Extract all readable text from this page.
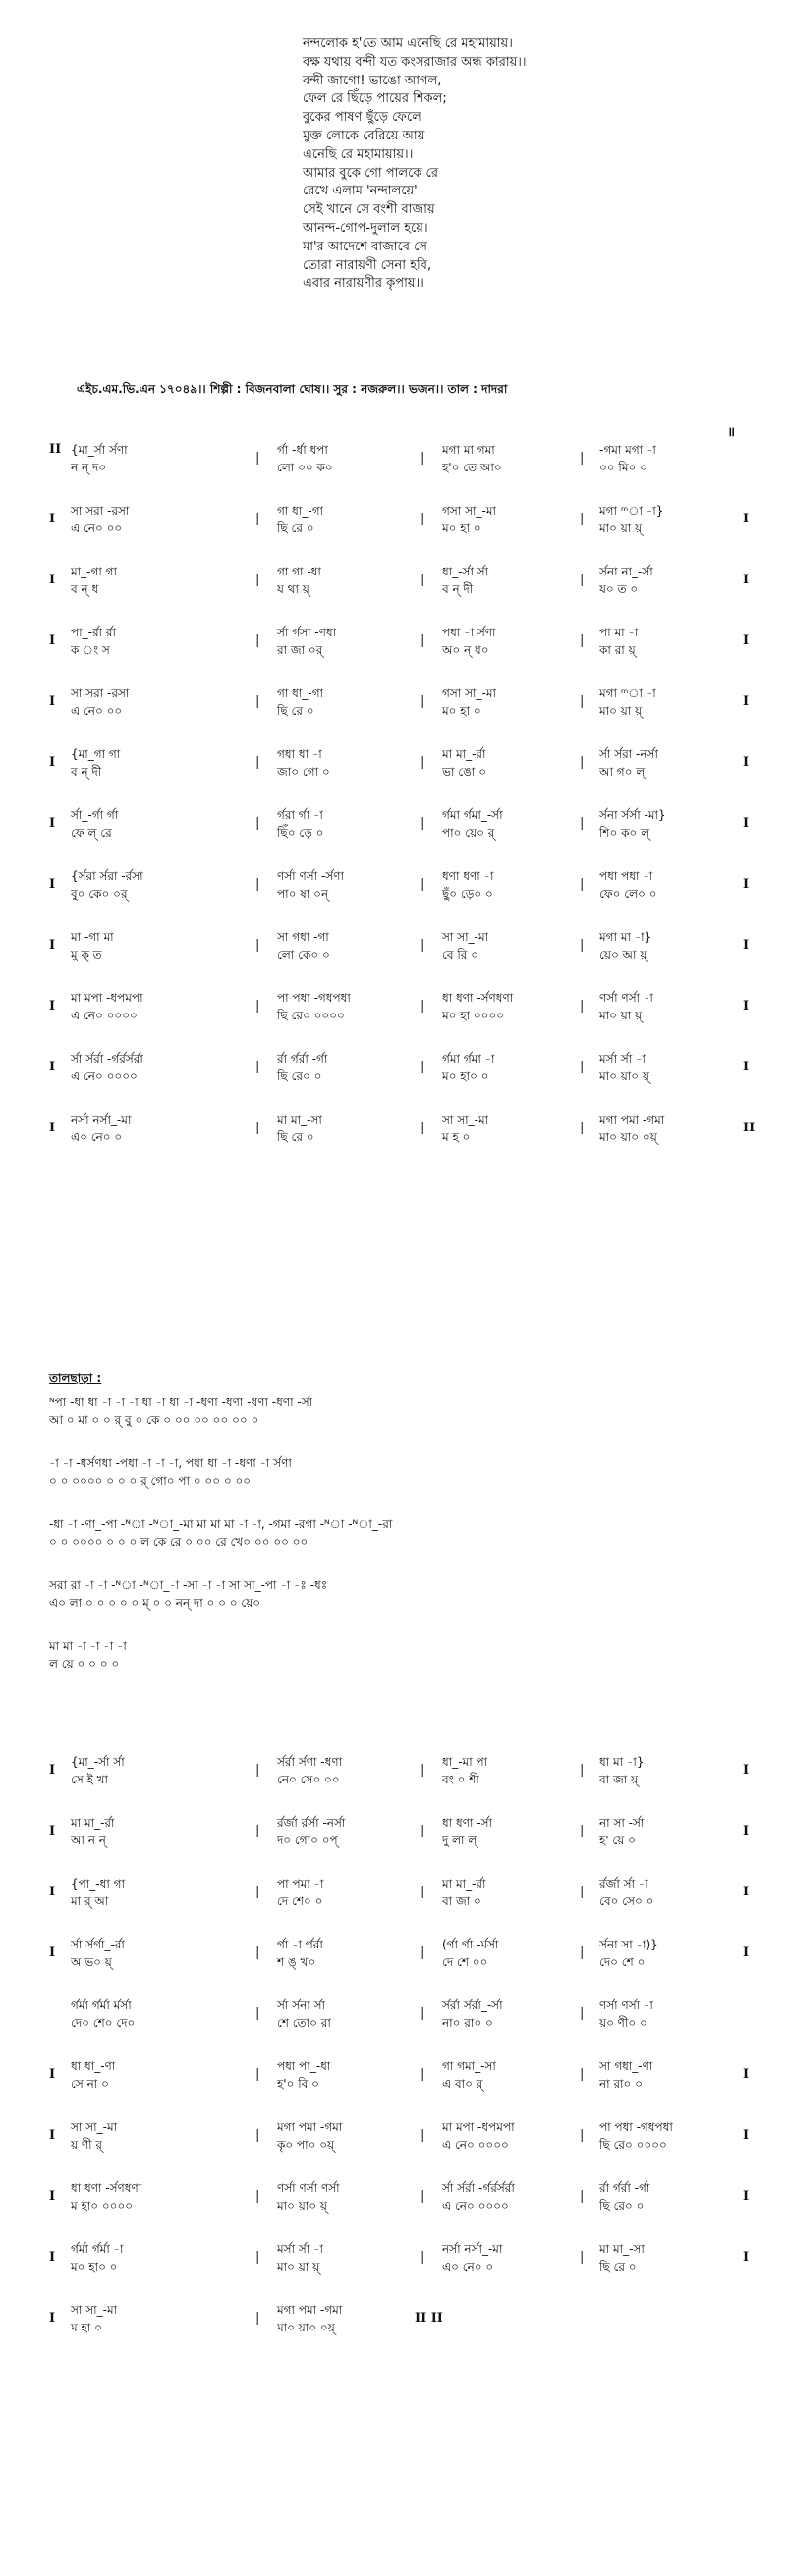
নন্দলোক হ'তে আম এনেছি রে মহামায়ায়।
বক্ষ যথায় বন্দী যত কংসরাজার অন্ধ কারায়।।
বন্দী জাগো! ভাঙো আগল,
ফেল রে ছিঁড়ে পায়ের শিকল;
বুকের পাষণ ছুঁড়ে ফেলে
মুক্ত লোকে বেরিয়ে আয়
এনেছি রে মহামায়ায়।।
আমার বুকে গো পালকে রে
রেখে এলাম 'নন্দালয়ে'
সেই খানে সে বংশী বাজায়
আনন্দ-গোপ-দুলাল হয়ে।
মা'র আদেশে বাজাবে সে
তোরা নারায়ণী সেনা হবি,
এবার নারায়ণীর কৃপায়।।
এইচ.এম.ভি.এন ১৭০৪৯।। শিল্পী : বিজনবালা ঘোষ।। সুর : নজরুল।। ভজন।। তাল : দাদরা
॥
II {মা_র্সা র্সণা
ন ন্ দ০
|
র্গা -র্ধা ধপা
লো ০০ ক০
|
মগা মা গমা
হ'০ তে আ০
|
-গমা মগা -া
০০ মি০ ০
I
সা সরা -রসা
এ নে০ ০০
|
গা ধা_-গা
ছি রে ০
|
গসা সা_-মা
ম০ হা ০
|
মগা ᵐা -া}
মা০ য়া য়্
I
I
মা_-গা গা
ব ন্ ধ
|
গা গা -ধা
য থা য়্
|
ধা_-র্সা র্সা
ব ন্ দী
|
র্সনা না_-র্সা
য০ ত ০
I
I
পা_-র্রা র্রা
ক ং স
|
র্সা র্গসা -ণধা
রা জা ০র্
|
পধা -া র্সণা
অ০ ন্ ধ০
|
পা মা -া
কা রা য়্
I
I
সা সরা -রসা
এ নে০ ০০
|
গা ধা_-গা
ছি রে ০
|
গসা সা_-মা
ম০ হা ০
|
মগা ᵐা -া
মা০ য়া য়্
I
I
{মা_গা গা
ব ন্ দী
|
গধা ধা -া
জা০ গো ০
|
মা মা_-র্রা
ভা ঙো ০
|
র্সা র্সরা -নর্সা
আ গ০ ল্
I
I
র্সা_-র্গা র্গা
ফে ল্ রে
|
র্গরা র্গা -া
ছিঁ০ ড়ে ০
|
র্গমা র্গমা_-র্সা
পা০ য়ে০ র্
|
র্সনা র্সর্সা -মা}
শি০ ক০ ল্
I
I
{র্সরা র্সরা -র্রসা
বু০ কে০ ০র্
|
ণর্সা ণর্সা -র্সণা
পা০ ষা ০ন্
|
ধণা ধণা -া
ছুঁ০ ড়ে০ ০
|
পধা পধা -া
ফে০ লে০ ০
I
I
মা -গা মা
মু ক্ ত
|
সা গধা -গা
লো কে০ ০
|
সা সা_-মা
বে রি ০
|
মগা মা -া}
য়ে০ আ য়্
I
I
মা মপা -ধপমপা
এ নে০ ০০০০
|
পা পধা -গধপধা
ছি রে০ ০০০০
|
ধা ধণা -র্সণধণা
ম০ হা ০০০০
|
ণর্সা ণর্সা -া
মা০ য়া য়্
I
I
র্সা র্সর্রা -র্গর্রর্সর্রা
এ নে০ ০০০০
|
র্রা র্গর্রা -র্গা
ছি রে০ ০
|
র্গমা র্গমা -া
ম০ হা০ ০
|
মর্সা র্সা -া
মা০ য়া০ য়্
I
I
নর্সা নর্সা_-মা
এ০ নে০ ০
|
মা মা_-সা
ছি রে ০
|
সা সা_-মা
ম হ ০
|
মগা পমা -গমা
মা০ য়া০ ০য়্
II
তালছাড়া :
ᴺপা -ধা ধা -া -া -া ধা -া ধা -া -ধণা -ধণা -ধণা -ধণা -র্সা
আ ০ মা ০ ০ র্ বু ০ কে ০ ০০ ০০ ০০ ০০ ০
-া -া -ধর্সণধা -পধা -া -া -া, পধা ধা -া -ধণা -া র্সণা
০ ০ ০০০০ ০ ০ ০ র্ গো০ পা ০ ০০ ০ ০০
-ধা -া -ণা_-পা -ᴺা -ᴺা_-মা মা মা মা -া -া, -গমা -রগা -ᴺা -ᴺা_-রা
০ ০ ০০০০ ০ ০ ০ ল কে রে ০ ০০ রে খে০ ০০ ০০ ০০
সরা রা -া -া -ᴺা -ᴺা_-া -সা -া -া সা সা_-পা -া -ঃ -ধঃ
এ০ লা ০ ০ ০ ০ ০ ম্ ০ ০ নন্ দা ০ ০ ০ য়ে০
মা মা -া -া -া -া
ল য়ে ০ ০ ০ ০
I
{মা_-র্সা র্সা
সে ই খা
|
র্সর্রা র্সণা -ধণা
নে০ সে০ ০০
|
ধা_-মা পা
বং ০ শী
|
ধা মা -া}
বা জা য়্
I
I
মা মা_-র্রা
আ ন ন্
|
র্রর্জা র্রর্সা -নর্সা
দ০ গো০ ০প্
|
ধা ধণা -র্সা
দু লা ল্
|
না সা -র্সা
হ' য়ে ০
I
I
{পা_-ধা গা
মা র্ আ
|
পা পমা -া
দে শে০ ০
|
মা মা_-র্রা
বা জা ০
|
র্রর্জা র্সা -া
বে০ সে০ ০
I
I
র্সা র্সর্গা_-র্রা
অ ভ০ য়্
|
র্গা -া র্গর্রা
শ ঙ্ খ০
|
(র্গা র্গা -র্মর্সা
দে শে ০০
|
র্সনা সা -া)}
দে০ শে ০
I
র্গর্মা র্গর্মা র্মর্সা
দে০ শে০ দে০
|
র্সা র্সনা র্সা
শে তো০ রা
|
র্সর্রা র্সর্রা_-র্সা
না০ রা০ ০
|
ণর্সা ণর্সা -া
য়০ ণী০ ০
I
ধা ধা_-ণা
সে না ০
|
পধা পা_-ধা
হ'০ বি ০
|
গা গমা_-সা
এ বা০ র্
|
সা গধা_-ণা
না রা০ ০
I
I
সা সা_-মা
য় ণী র্
|
মগা পমা -গমা
কৃ০ পা০ ০য়্
|
মা মপা -ধপমপা
এ নে০ ০০০০
|
পা পধা -গধপধা
ছি রে০ ০০০০
I
I
ধা ধণা -র্সণধণা
ম হা০ ০০০০
|
ণর্সা ণর্সা ণর্সা
মা০ য়া০ য়্
|
র্সা র্সর্রা -র্গর্রর্সর্রা
এ নে০ ০০০০
|
র্রা র্গর্রা -র্গা
ছি রে০ ০
I
I
র্গর্মা র্গর্মা -া
ম০ হা০ ০
|
মর্সা র্সা -া
মা০ য়া য়্
|
নর্সা নর্সা_-মা
এ০ নে০ ০
|
মা মা_-সা
ছি রে ০
I
I
সা সা_-মা
ম হা ০
|
মগা পমা -গমা
মা০ য়া০ ০য়্
II II
